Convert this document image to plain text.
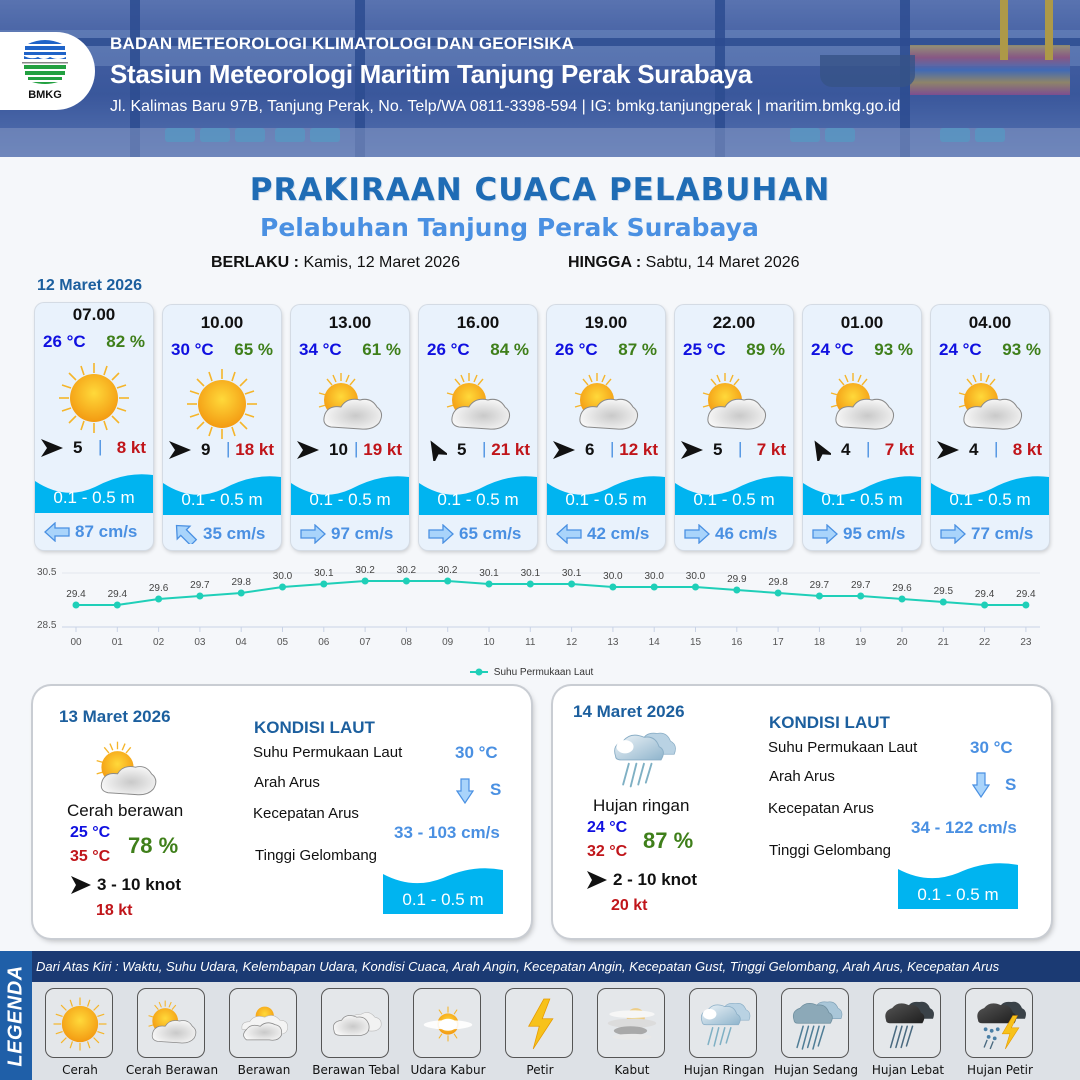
BMKG
BADAN METEOROLOGI KLIMATOLOGI DAN GEOFISIKA
Stasiun Meteorologi Maritim Tanjung Perak Surabaya
Jl. Kalimas Baru 97B, Tanjung Perak, No. Telp/WA 0811-3398-594 | IG: bmkg.tanjungperak | maritim.bmkg.go.id
PRAKIRAAN CUACA PELABUHAN
Pelabuhan Tanjung Perak Surabaya
BERLAKU : Kamis, 12 Maret 2026	HINGGA : Sabtu, 14 Maret 2026
12 Maret 2026
07.00
26 °C 82 %
5 | 8 kt
0.1 - 0.5 m
87 cm/s
10.00
30 °C 65 %
9 | 18 kt
0.1 - 0.5 m
35 cm/s
13.00
34 °C 61 %
10 | 19 kt
0.1 - 0.5 m
97 cm/s
16.00
26 °C 84 %
5 | 21 kt
0.1 - 0.5 m
65 cm/s
19.00
26 °C 87 %
6 | 12 kt
0.1 - 0.5 m
42 cm/s
22.00
25 °C 89 %
5 | 7 kt
0.1 - 0.5 m
46 cm/s
01.00
24 °C 93 %
4 | 7 kt
0.1 - 0.5 m
95 cm/s
04.00
24 °C 93 %
4 | 8 kt
0.1 - 0.5 m
77 cm/s
30.5
28.5
29.4
00
29.4
01
29.6
02
29.7
03
29.8
04
30.0
05
30.1
06
30.2
07
30.2
08
30.2
09
30.1
10
30.1
11
30.1
12
30.0
13
30.0
14
30.0
15
29.9
16
29.8
17
29.7
18
29.7
19
29.6
20
29.5
21
29.4
22
29.4
23
Suhu Permukaan Laut
13 Maret 2026
Cerah berawan
25 °C
35 °C 78 %
3 - 10 knot
18 kt
KONDISI LAUT
Suhu Permukaan Laut	30 °C
Arah Arus	S
Kecepatan Arus
33 - 103 cm/s
Tinggi Gelombang
0.1 - 0.5 m
14 Maret 2026
Hujan ringan
24 °C
32 °C 87 %
2 - 10 knot
20 kt
KONDISI LAUT
Suhu Permukaan Laut	30 °C
Arah Arus	S
Kecepatan Arus
34 - 122 cm/s
Tinggi Gelombang
0.1 - 0.5 m
LEGENDA Dari Atas Kiri : Waktu, Suhu Udara, Kelembapan Udara, Kondisi Cuaca, Arah Angin, Kecepatan Angin, Kecepatan Gust, Tinggi Gelombang, Arah Arus, Kecepatan Arus
Cerah	Cerah Berawan	Berawan	Berawan Tebal Udara Kabur	Petir	Kabut	Hujan Ringan Hujan Sedang	Hujan Lebat	Hujan Petir
